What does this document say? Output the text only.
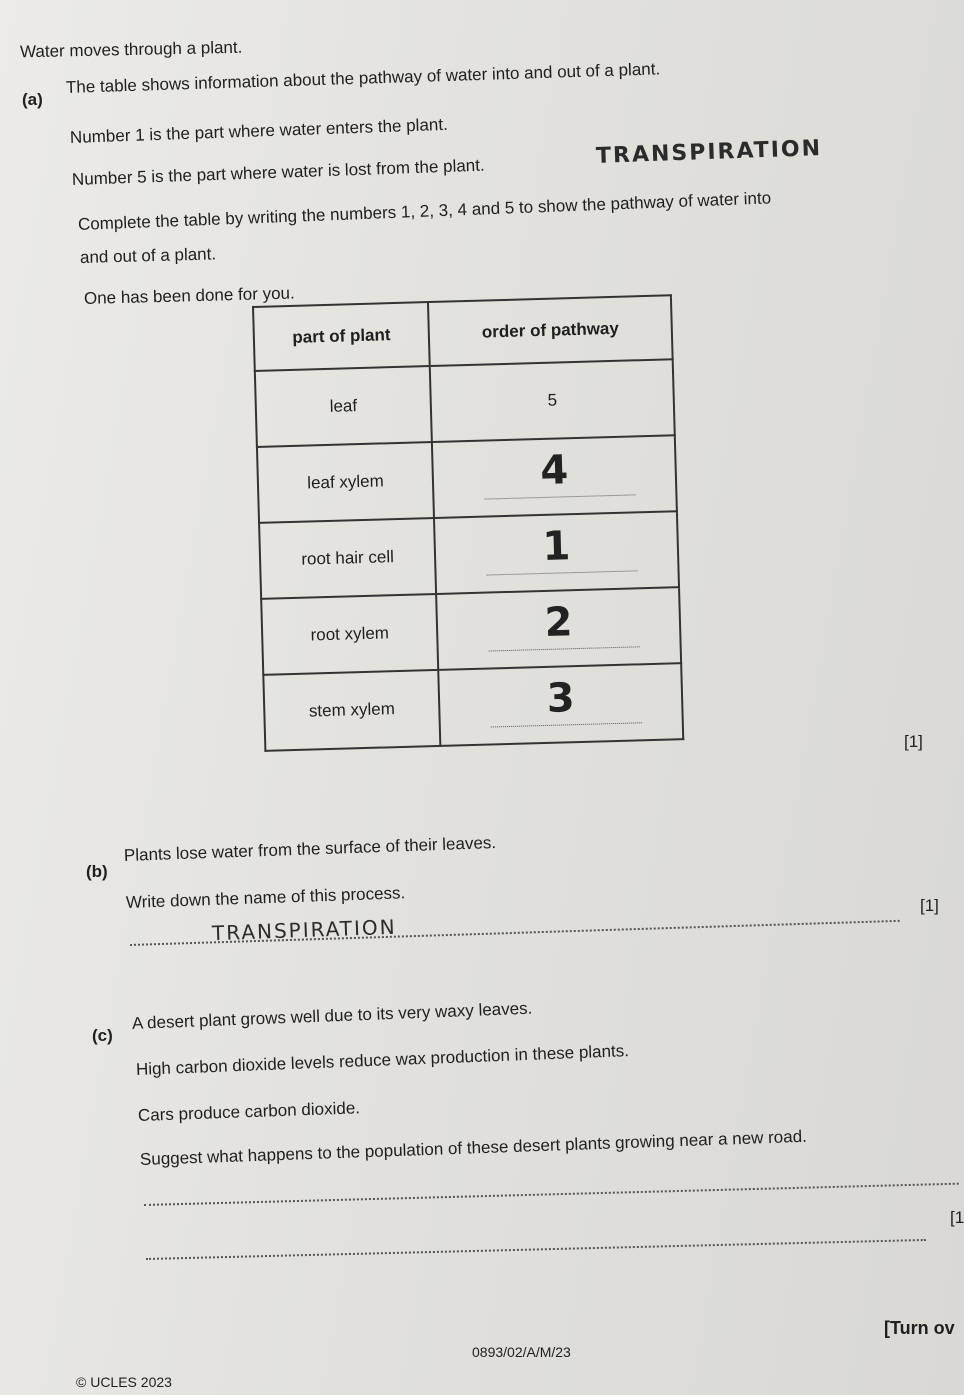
Water moves through a plant.
(a)
The table shows information about the pathway of water into and out of a plant.
Number 1 is the part where water enters the plant.
Number 5 is the part where water is lost from the plant.
TRANSPIRATION
Complete the table by writing the numbers 1, 2, 3, 4 and 5 to show the pathway of water into
and out of a plant.
One has been done for you.
part of plant	order of pathway
leaf	5
leaf xylem	4

root hair cell	1

root xylem	2

stem xylem	3
[1]
(b)
Plants lose water from the surface of their leaves.
Write down the name of this process.
TRANSPIRATION
[1]
(c)
A desert plant grows well due to its very waxy leaves.
High carbon dioxide levels reduce wax production in these plants.
Cars produce carbon dioxide.
Suggest what happens to the population of these desert plants growing near a new road.
[1
[Turn ov
0893/02/A/M/23
© UCLES 2023
